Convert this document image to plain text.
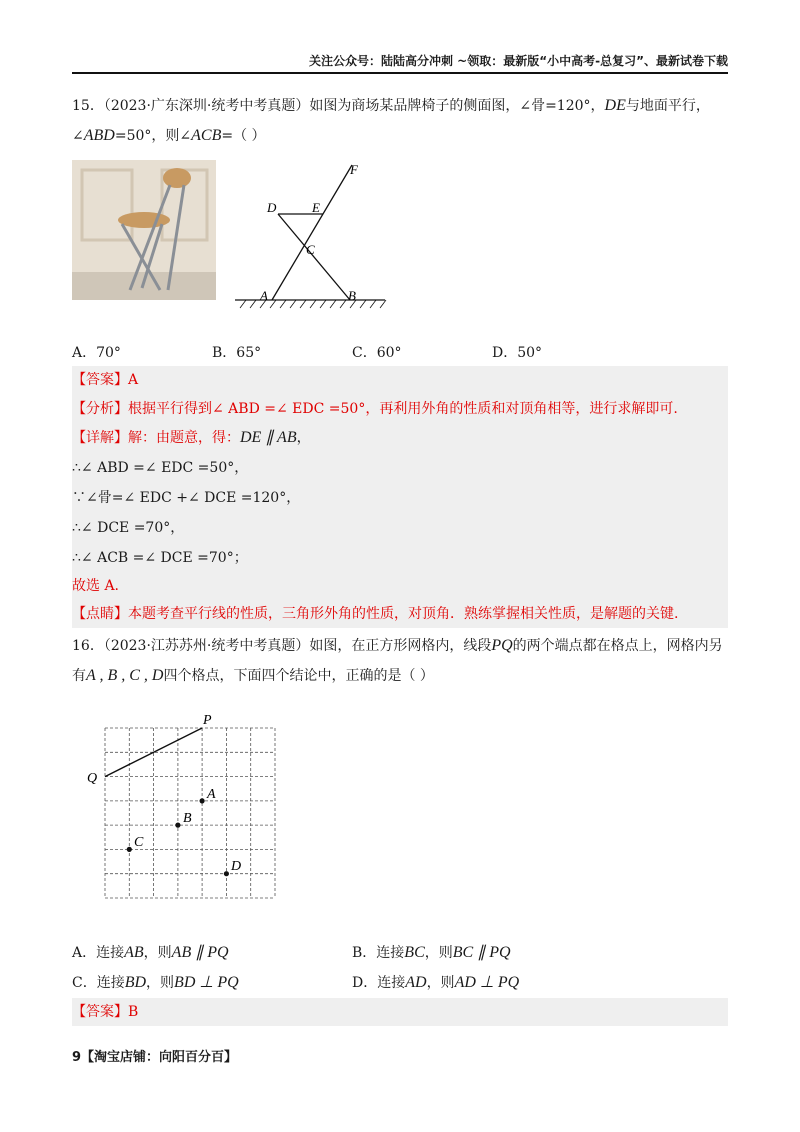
关注公众号：陆陆高分冲刺 ~领取：最新版“小中高考-总复习”、最新试卷下载
15．（2023·广东深圳·统考中考真题）如图为商场某品牌椅子的侧面图，∠⾻=120°，DE与地面平行，
∠ABD=50°，则∠ACB=（ ）
F
D	E
C
A	B
A．70°	B．65°	C．60°	D．50°
【答案】A
【分析】根据平行得到∠ ABD =∠ EDC =50°，再利用外角的性质和对顶角相等，进行求解即可.
【详解】解：由题意，得：DE ∥ AB，
∴∠ ABD =∠ EDC =50°，
∵∠⾻=∠ EDC +∠ DCE =120°，
∴∠ DCE =70°，
∴∠ ACB =∠ DCE =70°；
故选 A.
【点睛】本题考查平行线的性质，三角形外角的性质，对顶角．熟练掌握相关性质，是解题的关键.
16．（2023·江苏苏州·统考中考真题）如图，在正方形网格内，线段PQ的两个端点都在格点上，网格内另
有A , B , C , D四个格点，下面四个结论中，正确的是（ ）
P
Q
A
B
C
D
A．连接AB，则AB ∥ PQ	B．连接BC，则BC ∥ PQ
C．连接BD，则BD ⊥ PQ	D．连接AD，则AD ⊥ PQ
【答案】B
9【淘宝店铺：向阳百分百】
